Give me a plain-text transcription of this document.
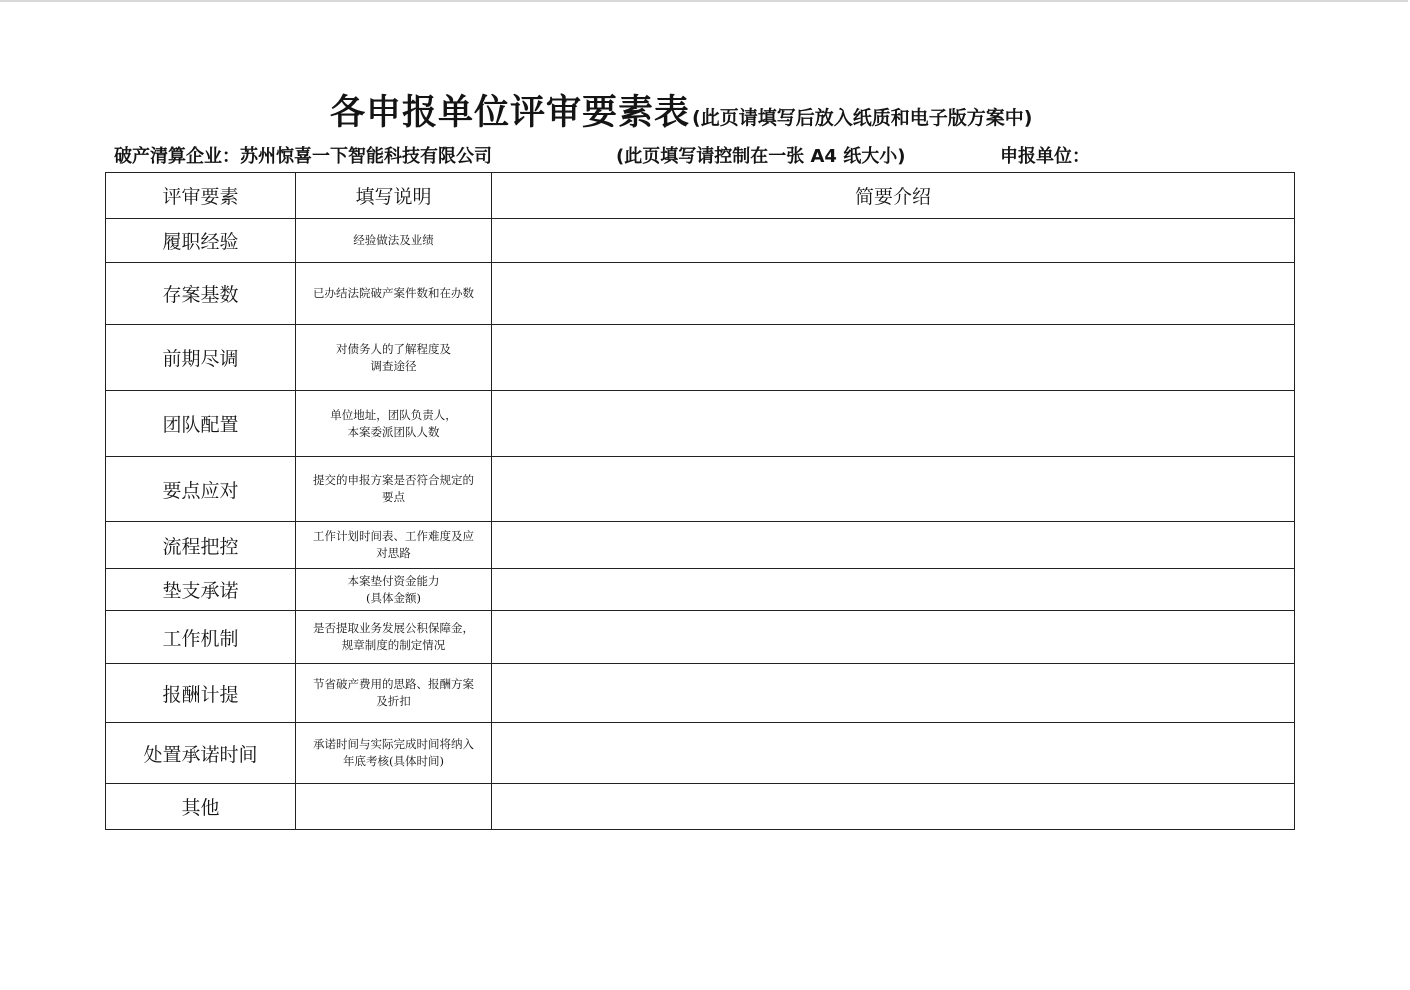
各申报单位评审要素表 (此页请填写后放入纸质和电子版方案中)
破产清算企业：苏州惊喜一下智能科技有限公司	(此页填写请控制在一张 A4 纸大小)	申报单位：
评审要素	填写说明	简要介绍
履职经验	经验做法及业绩	
存案基数	已办结法院破产案件数和在办数	
前期尽调	对债务人的了解程度及
调查途径	
团队配置	单位地址，团队负责人，
本案委派团队人数	
要点应对	提交的申报方案是否符合规定的
要点	
流程把控	工作计划时间表、工作难度及应
对思路	
垫支承诺	本案垫付资金能力
(具体金额)	
工作机制	是否提取业务发展公积保障金，
规章制度的制定情况	
报酬计提	节省破产费用的思路、报酬方案
及折扣	
处置承诺时间	承诺时间与实际完成时间将纳入
年底考核(具体时间)	
其他		
